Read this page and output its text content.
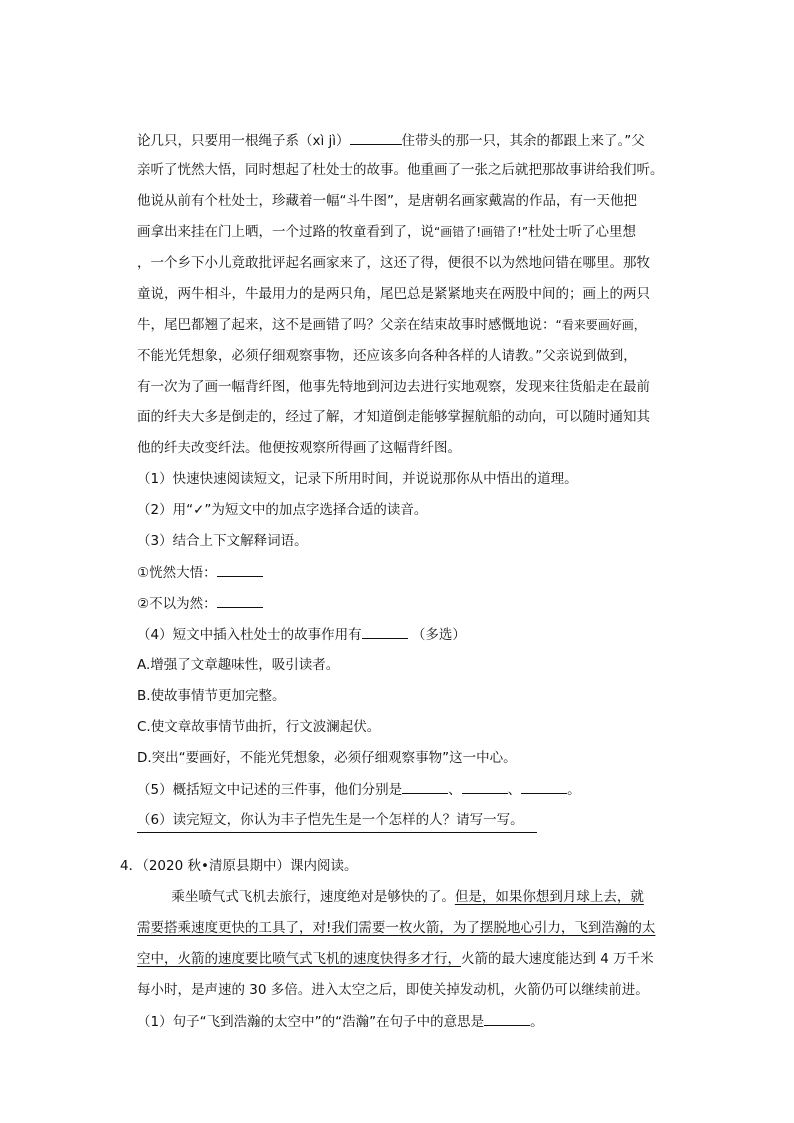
论几只，只要用一根绳子系（xì jì）	住带头的那一只，其余的都跟上来了。”父
亲听了恍然大悟，同时想起了杜处士的故事。他重画了一张之后就把那故事讲给我们听。
他说从前有个杜处士，珍藏着一幅“斗牛图”，是唐朝名画家戴嵩的作品，有一天他把
画拿出来挂在门上晒，一个过路的牧童看到了，说“画错了!画错了!”杜处士听了心里想
，一个乡下小儿竟敢批评起名画家来了，这还了得，便很不以为然地问错在哪里。那牧
童说，两牛相斗，牛最用力的是两只角，尾巴总是紧紧地夹在两股中间的；画上的两只
牛，尾巴都翘了起来，这不是画错了吗？父亲在结束故事时感慨地说：“看来要画好画，
不能光凭想象，必须仔细观察事物，还应该多向各种各样的人请教。”父亲说到做到，
有一次为了画一幅背纤图，他事先特地到河边去进行实地观察，发现来往货船走在最前
面的纤夫大多是倒走的，经过了解，才知道倒走能够掌握航船的动向，可以随时通知其
他的纤夫改变纤法。他便按观察所得画了这幅背纤图。
（1）快速快速阅读短文，记录下所用时间，并说说那你从中悟出的道理。
（2）用“✓”为短文中的加点字选择合适的读音。
（3）结合上下文解释词语。
①恍然大悟：
②不以为然：
（4）短文中插入杜处士的故事作用有	（多选）
A.增强了文章趣味性，吸引读者。
B.使故事情节更加完整。
C.使文章故事情节曲折，行文波澜起伏。
D.突出“要画好，不能光凭想象，必须仔细观察事物”这一中心。
（5）概括短文中记述的三件事，他们分别是	、	、	。
（6）读完短文，你认为丰子恺先生是一个怎样的人？请写一写。
4．（2020 秋•清原县期中）课内阅读。
乘坐喷气式飞机去旅行，速度绝对是够快的了。但是，如果你想到月球上去，就
需要搭乘速度更快的工具了，对!我们需要一枚火箭，为了摆脱地心引力，飞到浩瀚的太
空中，火箭的速度要比喷气式飞机的速度快得多才行，火箭的最大速度能达到 4 万千米
每小时，是声速的 30 多倍。进入太空之后，即使关掉发动机，火箭仍可以继续前进。
（1）句子“飞到浩瀚的太空中”的“浩瀚”在句子中的意思是	。
